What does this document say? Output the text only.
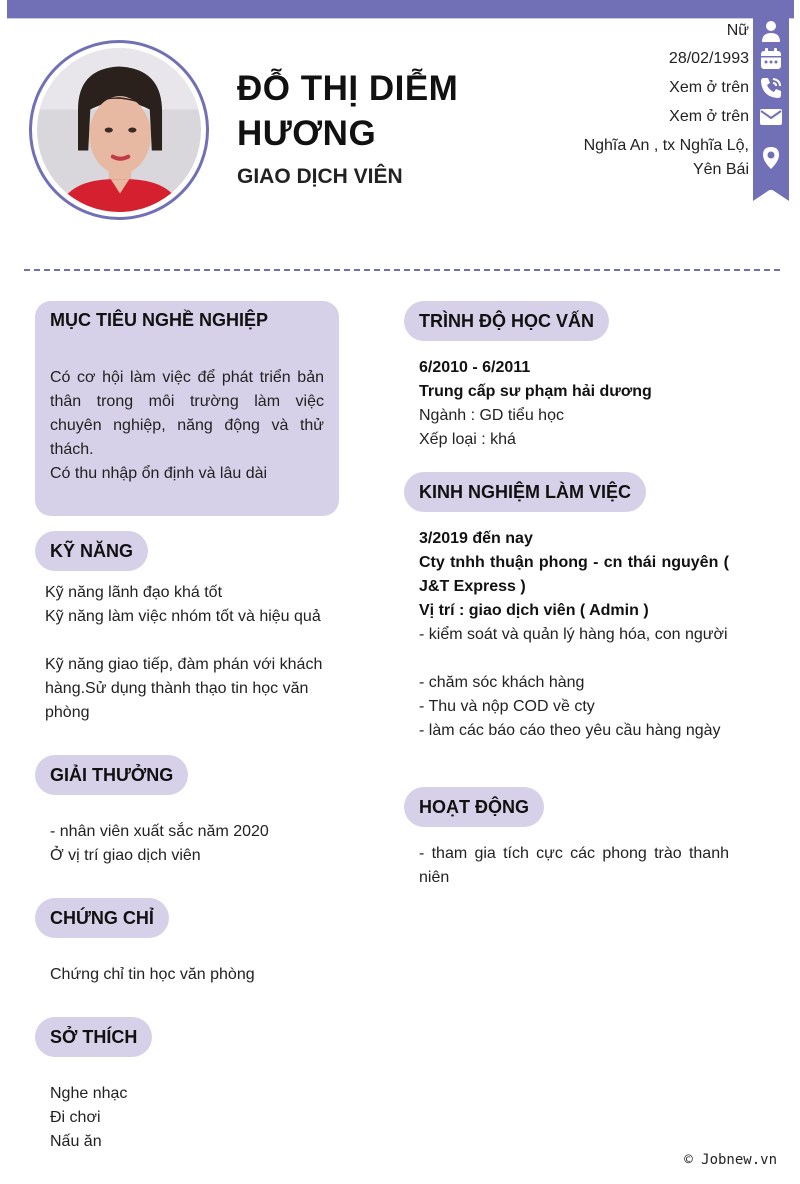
ĐỖ THỊ DIỄM HƯƠNG
GIAO DỊCH VIÊN
Nữ
28/02/1993
Xem ở trên
Xem ở trên
Nghĩa An , tx Nghĩa Lộ, Yên Bái
MỤC TIÊU NGHỀ NGHIỆP
Có cơ hội làm việc để phát triển bản thân trong môi trường làm việc chuyên nghiệp, năng động và thử thách.
Có thu nhập ổn định và lâu dài
KỸ NĂNG
Kỹ năng lãnh đạo khá tốt
Kỹ năng làm việc nhóm tốt và hiệu quả
Kỹ năng giao tiếp, đàm phán với khách hàng.Sử dụng thành thạo tin học văn phòng
GIẢI THƯỞNG
- nhân viên xuất sắc năm 2020
Ở vị trí giao dịch viên
CHỨNG CHỈ
Chứng chỉ tin học văn phòng
SỞ THÍCH
Nghe nhạc
Đi chơi
Nấu ăn
TRÌNH ĐỘ HỌC VẤN
6/2010 - 6/2011
Trung cấp sư phạm hải dương
Ngành : GD tiểu học
Xếp loại : khá
KINH NGHIỆM LÀM VIỆC
3/2019 đến nay
Cty tnhh thuận phong - cn thái nguyên ( J&T Express )
Vị trí : giao dịch viên ( Admin )
- kiểm soát và quản lý hàng hóa, con người
- chăm sóc khách hàng
- Thu và nộp COD về cty
- làm các báo cáo theo yêu cầu hàng ngày
HOẠT ĐỘNG
- tham gia tích cực các phong trào thanh niên
© Jobnew.vn
